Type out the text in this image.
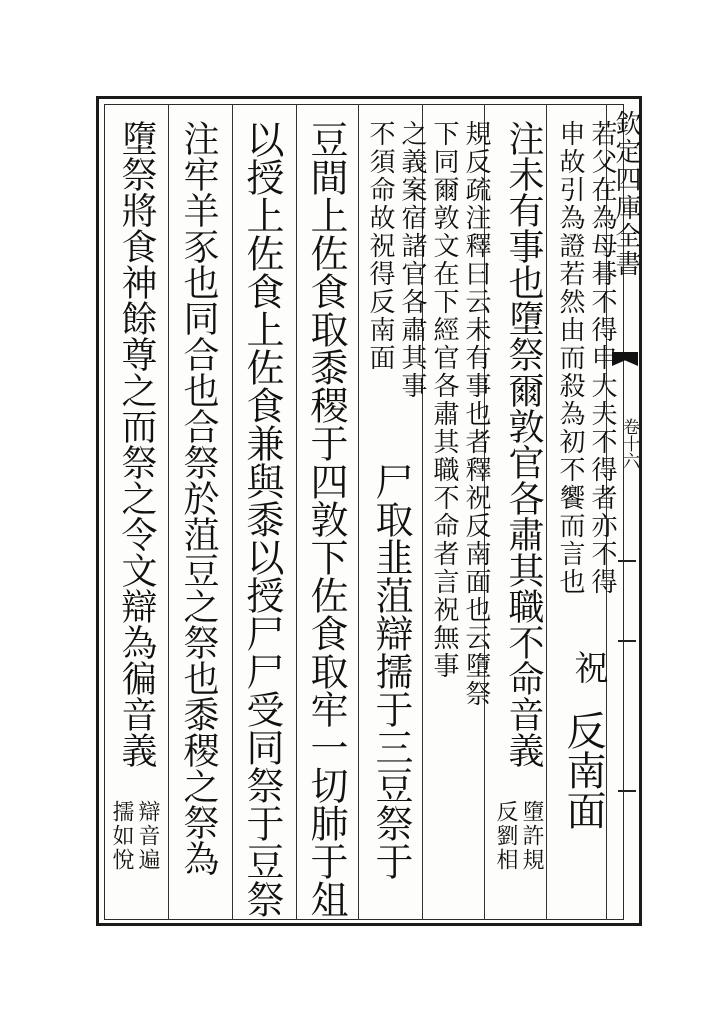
欽定四庫全書
卷十六
若父在為母朞不得申大夫不得者亦不得
申故引為證若然由而殺為初不饗而言也
反南面
祝
注未有事也墮祭爾敦官各肅其職不命音義
墮許規
反劉相
規反疏注釋曰云未有事也者釋祝反南面也云墮祭
下同爾敦文在下經官各肅其職不命者言祝無事
之義案宿諸官各肅其事
不須命故祝得反南面
尸取韭菹辯擩于三豆祭于
豆間上佐食取黍稷于四敦下佐食取牢一切肺于俎
以授上佐食上佐食兼與黍以授尸尸受同祭于豆祭
注牢羊豕也同合也合祭於菹豆之祭也黍稷之祭為
墮祭將食神餘尊之而祭之令文辯為徧音義
辯音遍
擩如悅
